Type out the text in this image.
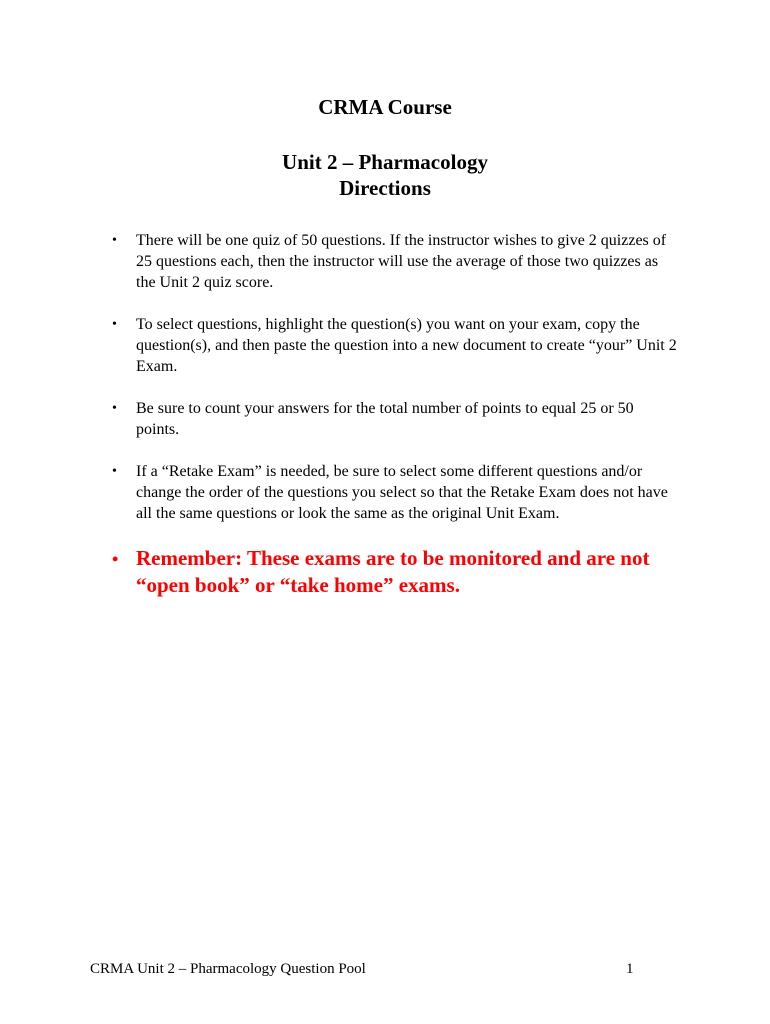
CRMA Course
Unit 2 – Pharmacology
Directions
• There will be one quiz of 50 questions. If the instructor wishes to give 2 quizzes of 25 questions each, then the instructor will use the average of those two quizzes as the Unit 2 quiz score.
• To select questions, highlight the question(s) you want on your exam, copy the question(s), and then paste the question into a new document to create “your” Unit 2 Exam.
• Be sure to count your answers for the total number of points to equal 25 or 50 points.
• If a “Retake Exam” is needed, be sure to select some different questions and/or change the order of the questions you select so that the Retake Exam does not have all the same questions or look the same as the original Unit Exam.
• Remember: These exams are to be monitored and are not “open book” or “take home” exams.
CRMA Unit 2 – Pharmacology Question Pool	1
